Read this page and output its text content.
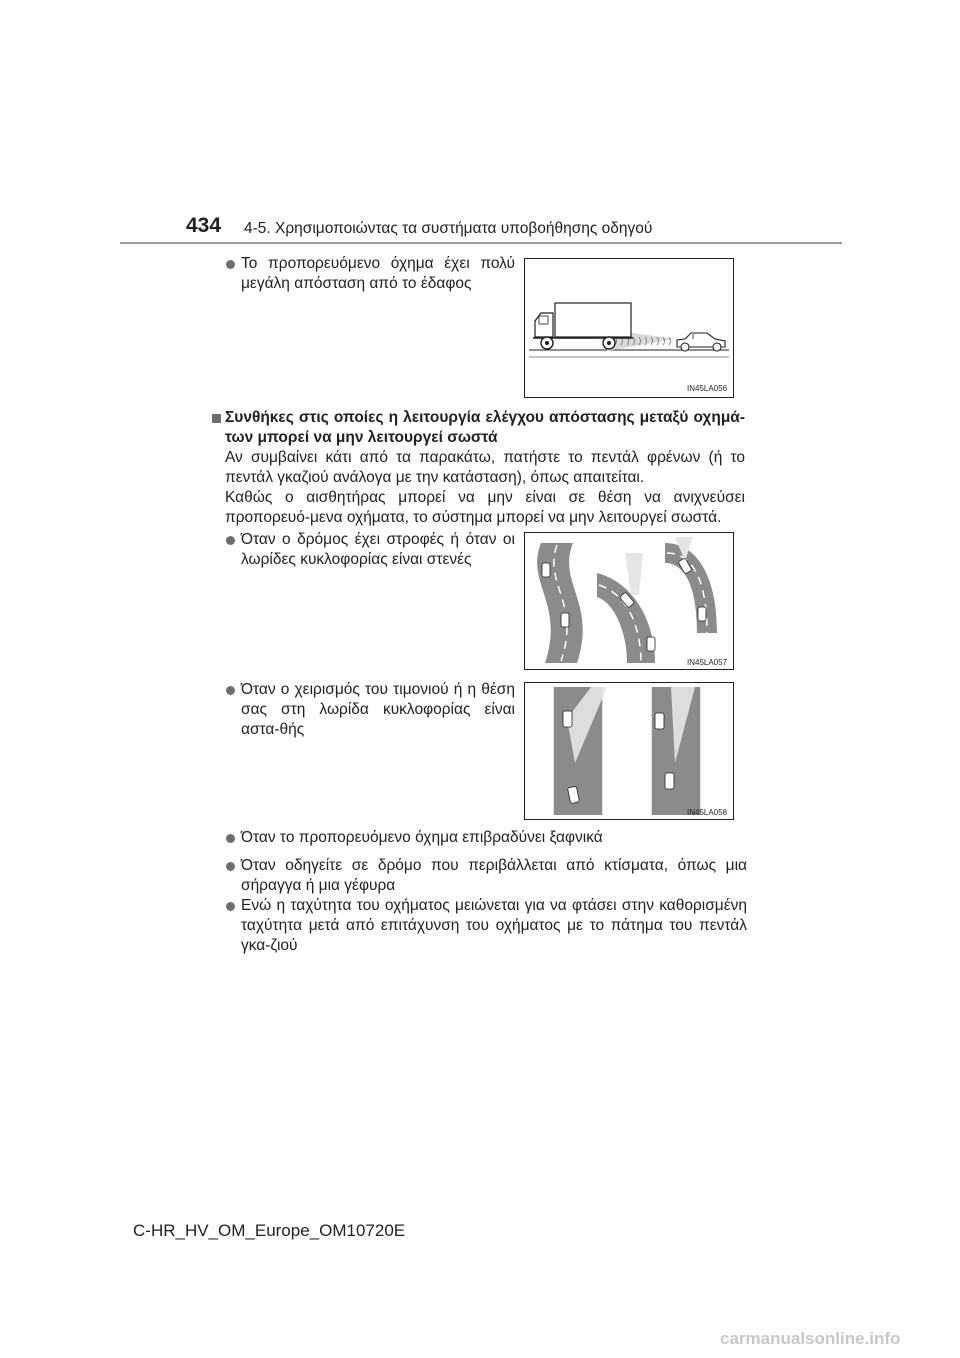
434 4-5. Χρησιμοποιώντας τα συστήματα υποβοήθησης οδηγού
Το προπορευόμενο όχημα έχει πολύ μεγάλη απόσταση από το έδαφος
IN45LA056
Συνθήκες στις οποίες η λειτουργία ελέγχου απόστασης μεταξύ οχημά-των μπορεί να μην λειτουργεί σωστά
Αν συμβαίνει κάτι από τα παρακάτω, πατήστε το πεντάλ φρένων (ή το πεντάλ γκαζιού ανάλογα με την κατάσταση), όπως απαιτείται.
Καθώς ο αισθητήρας μπορεί να μην είναι σε θέση να ανιχνεύσει προπορευό-μενα οχήματα, το σύστημα μπορεί να μην λειτουργεί σωστά.
Όταν ο δρόμος έχει στροφές ή όταν οι λωρίδες κυκλοφορίας είναι στενές
IN45LA057
Όταν ο χειρισμός του τιμονιού ή η θέση σας στη λωρίδα κυκλοφορίας είναι αστα-θής
IN45LA058
Όταν το προπορευόμενο όχημα επιβραδύνει ξαφνικά
Όταν οδηγείτε σε δρόμο που περιβάλλεται από κτίσματα, όπως μια σήραγγα ή μια γέφυρα
Ενώ η ταχύτητα του οχήματος μειώνεται για να φτάσει στην καθορισμένη ταχύτητα μετά από επιτάχυνση του οχήματος με το πάτημα του πεντάλ γκα-ζιού
C-HR_HV_OM_Europe_OM10720E
carmanualsonline.info
